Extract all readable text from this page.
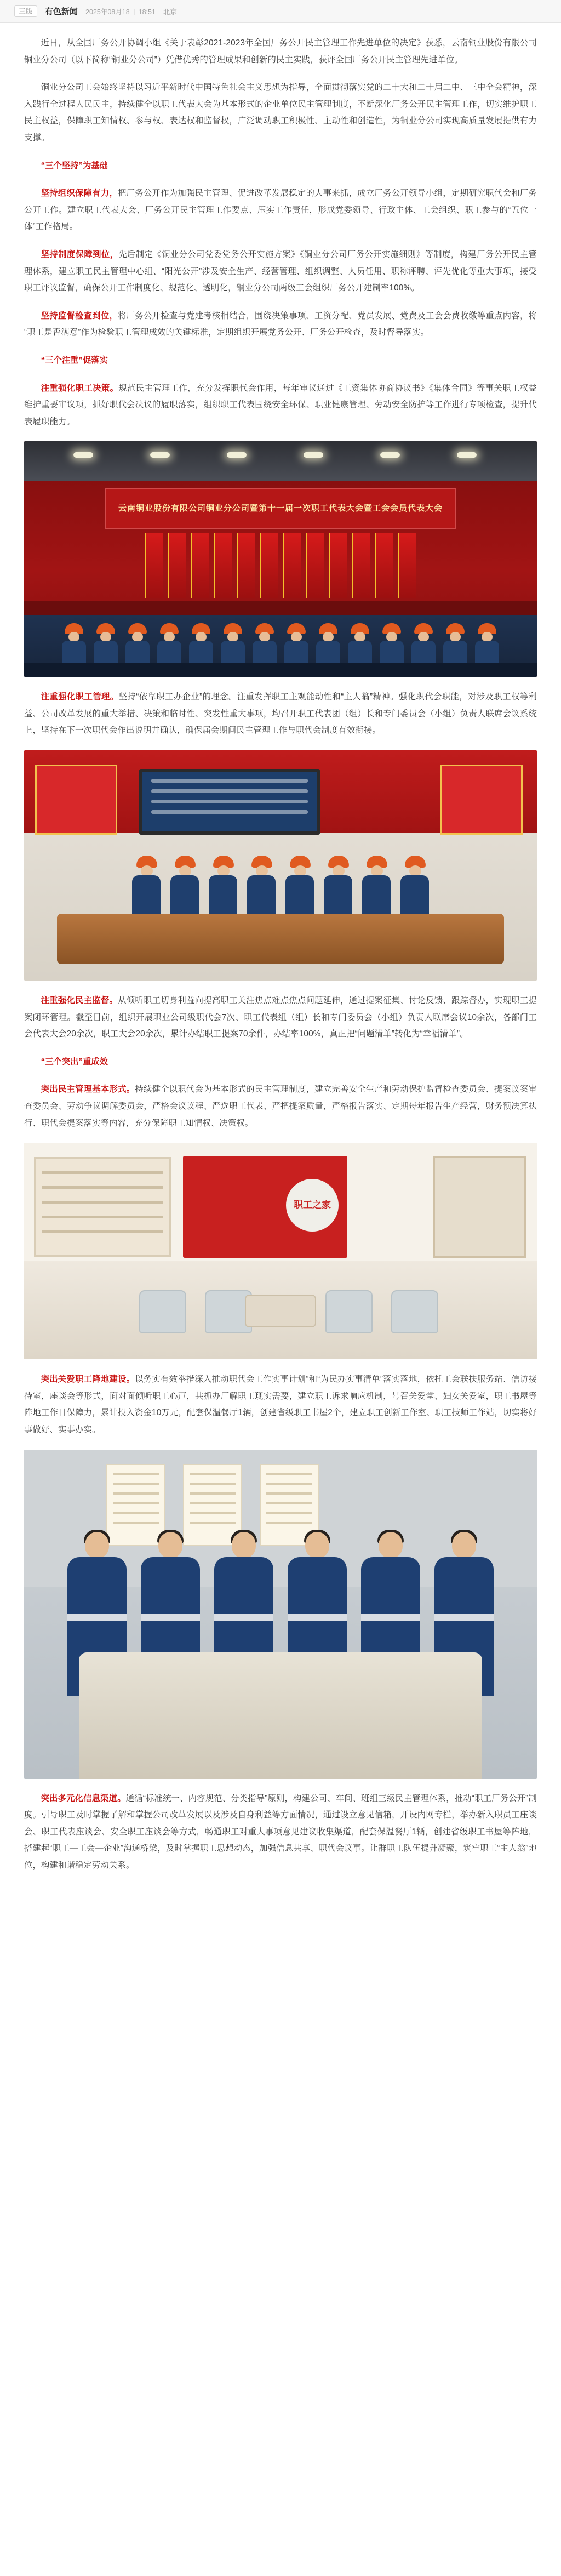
三版	有色新闻 2025年08月18日 18:51 北京

近日，从全国厂务公开协调小组《关于表彰2021-2023年全国厂务公开民主管理工作先进单位的决定》获悉，云南铜业股份有限公司铜业分公司（以下简称“铜业分公司”）凭借优秀的管理成果和创新的民主实践，获评全国厂务公开民主管理先进单位。

铜业分公司工会始终坚持以习近平新时代中国特色社会主义思想为指导，全面贯彻落实党的二十大和二十届二中、三中全会精神，深入践行全过程人民民主，持续健全以职工代表大会为基本形式的企业单位民主管理制度，不断深化厂务公开民主管理工作，切实维护职工民主权益，保障职工知情权、参与权、表达权和监督权，广泛调动职工积极性、主动性和创造性，为铜业分公司实现高质量发展提供有力支撑。

“三个坚持”为基础

坚持组织保障有力，把厂务公开作为加强民主管理、促进改革发展稳定的大事来抓，成立厂务公开领导小组，定期研究职代会和厂务公开工作。建立职工代表大会、厂务公开民主管理工作要点、压实工作责任，形成党委领导、行政主体、工会组织、职工参与的“五位一体”工作格局。

坚持制度保障到位，先后制定《铜业分公司党委党务公开实施方案》《铜业分公司厂务公开实施细则》等制度，构建厂务公开民主管理体系，建立职工民主管理中心组、“阳光公开”涉及安全生产、经营管理、组织调整、人员任用、职称评聘、评先优化等重大事项，接受职工评议监督，确保公开工作制度化、规范化、透明化，铜业分公司两级工会组织厂务公开建制率100%。

坚持监督检查到位，将厂务公开检查与党建考核相结合，围绕决策事项、工资分配、党员发展、党费及工会会费收缴等重点内容，将“职工是否满意”作为检验职工管理成效的关键标准，定期组织开展党务公开、厂务公开检查，及时督导落实。

“三个注重”促落实

注重强化职工决策。规范民主管理工作，充分发挥职代会作用，每年审议通过《工资集体协商协议书》《集体合同》等事关职工权益维护重要审议项，抓好职代会决议的履职落实，组织职工代表围绕安全环保、职业健康管理、劳动安全防护等工作进行专项检查，提升代表履职能力。

云南铜业股份有限公司铜业分公司暨第十一届一次职工代表大会暨工会会员代表大会

注重强化职工管理。坚持“依靠职工办企业”的理念。注重发挥职工主观能动性和“主人翁”精神。强化职代会职能，对涉及职工权等利益、公司改革发展的重大举措、决策和临时性、突发性重大事项，均召开职工代表团（组）长和专门委员会（小组）负责人联席会议系统上，坚持在下一次职代会作出说明并确认，确保届会期间民主管理工作与职代会制度有效衔接。

注重强化民主监督。从倾听职工切身利益向提高职工关注焦点难点焦点问题延伸，通过提案征集、讨论反馈、跟踪督办，实现职工提案闭环管理。截至目前，组织开展职业公司级职代会7次、职工代表组（组）长和专门委员会（小组）负责人联席会议10余次，各部门工会代表大会20余次，职工大会20余次，累计办结职工提案70余件，办结率100%，真正把“问题清单”转化为“幸福清单”。

“三个突出”重成效

突出民主管理基本形式。持续健全以职代会为基本形式的民主管理制度，建立完善安全生产和劳动保护监督检查委员会、提案议案审查委员会、劳动争议调解委员会，严格会议议程、严选职工代表、严把提案质量，严格报告落实、定期每年报告生产经营，财务预决算执行、职代会提案落实等内容，充分保障职工知情权、决策权。

职工之家

突出关爱职工降地建设。以务实有效举措深入推动职代会工作实事计划”和“为民办实事清单”落实落地，依托工会联扶服务站、信访接待室，座谈会等形式，面对面倾听职工心声，共抓办厂解职工现实需要，建立职工诉求响应机制，号召关爱堂、妇女关爱室，职工书屋等阵地工作日保障力，累计投入资金10万元，配套保温餐厅1辆，创建省级职工书屋2个，建立职工创新工作室、职工技师工作站，切实将好事做好、实事办实。

突出多元化信息渠道。通循“标准统一、内容规范、分类指导”原则，构建公司、车间、班组三级民主管理体系，推动“职工厂务公开”制度。引导职工及时掌握了解和掌握公司改革发展以及涉及自身利益等方面情况，通过设立意见信箱，开设内网专栏，举办新入职员工座谈会、职工代表座谈会、安全职工座谈会等方式，畅通职工对重大事项意见建议收集渠道，配套保温餐厅1辆，创建省级职工书屋等阵地，搭建起“职工—工会—企业”沟通桥梁，及时掌握职工思想动态，加强信息共享、职代会议事。让群职工队伍提升凝聚，筑牢职工“主人翁”地位，构建和谐稳定劳动关系。
